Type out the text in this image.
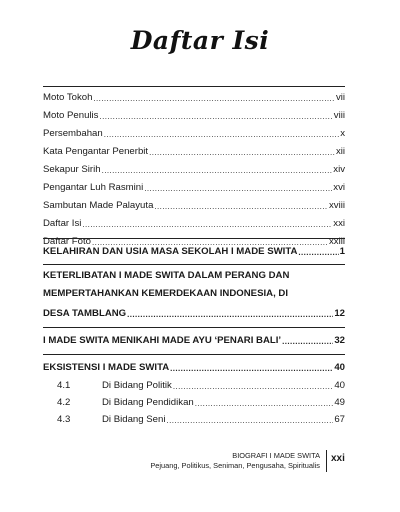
Daftar Isi
Moto Tokoh .....	vii
Moto Penulis .....	viii
Persembahan .....	x
Kata Pengantar Penerbit .....	xii
Sekapur Sirih .....	xiv
Pengantar Luh Rasmini .....	xvi
Sambutan Made Palayuta .....	xviii
Daftar Isi .....	xxi
Daftar Foto .....	xxiii
KELAHIRAN DAN USIA MASA SEKOLAH I MADE SWITA .....	1
KETERLIBATAN I MADE SWITA DALAM PERANG DAN
MEMPERTAHANKAN KEMERDEKAAN INDONESIA, DI
DESA TAMBLANG .....	12
I MADE SWITA MENIKAHI MADE AYU ‘PENARI BALI’ .....	32
EKSISTENSI I MADE SWITA .....	40
4.1	Di Bidang Politik .....	40
4.2	Di Bidang Pendidikan .....	49
4.3	Di Bidang Seni .....	67
BIOGRAFI I MADE SWITA
Pejuang, Politikus, Seniman, Pengusaha, Spiritualis
xxi
